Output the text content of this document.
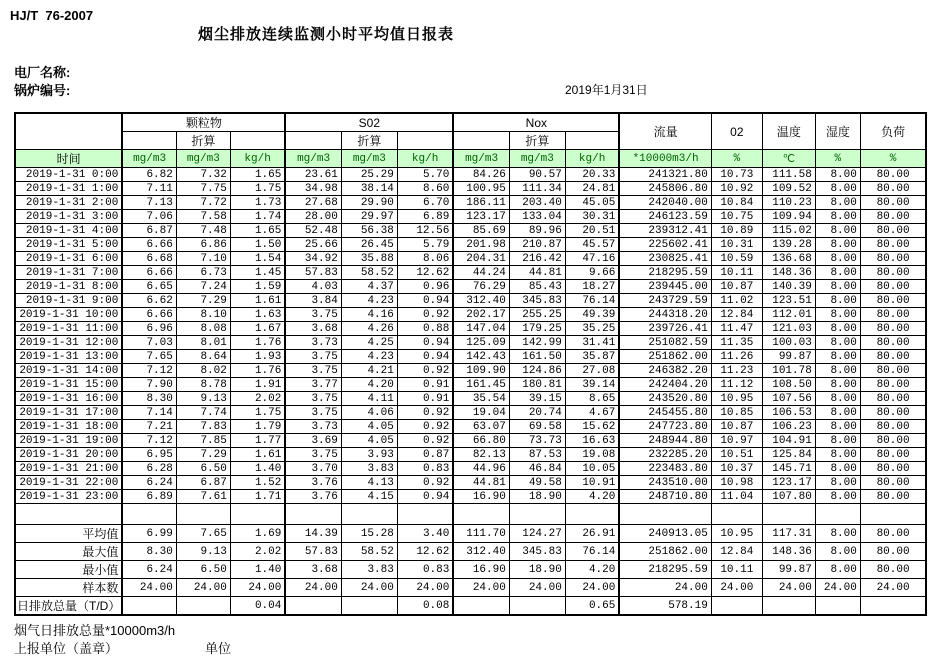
HJ/T  76-2007
烟尘排放连续监测小时平均值日报表
电厂名称:
锅炉编号:	2019年1月31日
	颗粒物			S02			Nox			流量	02	温度	湿度	负荷
		折算			折算			折算						
时间	mg/m3	mg/m3	kg/h	mg/m3	mg/m3	kg/h	mg/m3	mg/m3	kg/h	*10000m3/h	%	℃	%	%
2019-1-31 0:00	6.82	7.32	1.65	23.61	25.29	5.70	84.26	90.57	20.33	241321.80	10.73	111.58	8.00	80.00
2019-1-31 1:00	7.11	7.75	1.75	34.98	38.14	8.60	100.95	111.34	24.81	245806.80	10.92	109.52	8.00	80.00
2019-1-31 2:00	7.13	7.72	1.73	27.68	29.90	6.70	186.11	203.40	45.05	242040.00	10.84	110.23	8.00	80.00
2019-1-31 3:00	7.06	7.58	1.74	28.00	29.97	6.89	123.17	133.04	30.31	246123.59	10.75	109.94	8.00	80.00
2019-1-31 4:00	6.87	7.48	1.65	52.48	56.38	12.56	85.69	89.96	20.51	239312.41	10.89	115.02	8.00	80.00
2019-1-31 5:00	6.66	6.86	1.50	25.66	26.45	5.79	201.98	210.87	45.57	225602.41	10.31	139.28	8.00	80.00
2019-1-31 6:00	6.68	7.10	1.54	34.92	35.88	8.06	204.31	216.42	47.16	230825.41	10.59	136.68	8.00	80.00
2019-1-31 7:00	6.66	6.73	1.45	57.83	58.52	12.62	44.24	44.81	9.66	218295.59	10.11	148.36	8.00	80.00
2019-1-31 8:00	6.65	7.24	1.59	4.03	4.37	0.96	76.29	85.43	18.27	239445.00	10.87	140.39	8.00	80.00
2019-1-31 9:00	6.62	7.29	1.61	3.84	4.23	0.94	312.40	345.83	76.14	243729.59	11.02	123.51	8.00	80.00
2019-1-31 10:00	6.66	8.10	1.63	3.75	4.16	0.92	202.17	255.25	49.39	244318.20	12.84	112.01	8.00	80.00
2019-1-31 11:00	6.96	8.08	1.67	3.68	4.26	0.88	147.04	179.25	35.25	239726.41	11.47	121.03	8.00	80.00
2019-1-31 12:00	7.03	8.01	1.76	3.73	4.25	0.94	125.09	142.99	31.41	251082.59	11.35	100.03	8.00	80.00
2019-1-31 13:00	7.65	8.64	1.93	3.75	4.23	0.94	142.43	161.50	35.87	251862.00	11.26	99.87	8.00	80.00
2019-1-31 14:00	7.12	8.02	1.76	3.75	4.21	0.92	109.90	124.86	27.08	246382.20	11.23	101.78	8.00	80.00
2019-1-31 15:00	7.90	8.78	1.91	3.77	4.20	0.91	161.45	180.81	39.14	242404.20	11.12	108.50	8.00	80.00
2019-1-31 16:00	8.30	9.13	2.02	3.75	4.11	0.91	35.54	39.15	8.65	243520.80	10.95	107.56	8.00	80.00
2019-1-31 17:00	7.14	7.74	1.75	3.75	4.06	0.92	19.04	20.74	4.67	245455.80	10.85	106.53	8.00	80.00
2019-1-31 18:00	7.21	7.83	1.79	3.73	4.05	0.92	63.07	69.58	15.62	247723.80	10.87	106.23	8.00	80.00
2019-1-31 19:00	7.12	7.85	1.77	3.69	4.05	0.92	66.80	73.73	16.63	248944.80	10.97	104.91	8.00	80.00
2019-1-31 20:00	6.95	7.29	1.61	3.75	3.93	0.87	82.13	87.53	19.08	232285.20	10.51	125.84	8.00	80.00
2019-1-31 21:00	6.28	6.50	1.40	3.70	3.83	0.83	44.96	46.84	10.05	223483.80	10.37	145.71	8.00	80.00
2019-1-31 22:00	6.24	6.87	1.52	3.76	4.13	0.92	44.81	49.58	10.91	243510.00	10.98	123.17	8.00	80.00
2019-1-31 23:00	6.89	7.61	1.71	3.76	4.15	0.94	16.90	18.90	4.20	248710.80	11.04	107.80	8.00	80.00

平均值	6.99	7.65	1.69	14.39	15.28	3.40	111.70	124.27	26.91	240913.05	10.95	117.31	8.00	80.00
最大值	8.30	9.13	2.02	57.83	58.52	12.62	312.40	345.83	76.14	251862.00	12.84	148.36	8.00	80.00
最小值	6.24	6.50	1.40	3.68	3.83	0.83	16.90	18.90	4.20	218295.59	10.11	99.87	8.00	80.00
样本数	24.00	24.00	24.00	24.00	24.00	24.00	24.00	24.00	24.00	24.00	24.00	24.00	24.00	24.00
日排放总量（T/D）			0.04			0.08			0.65	578.19				
烟气日排放总量*10000m3/h
上报单位（盖章）	单位
